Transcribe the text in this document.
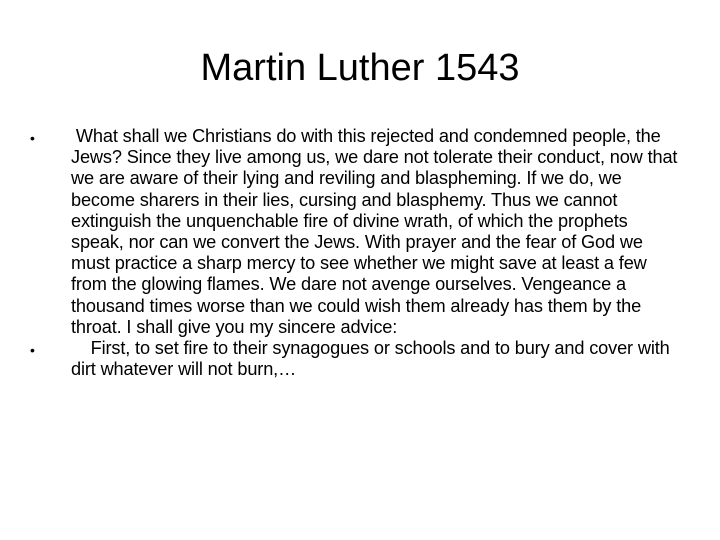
Martin Luther 1543
• What shall we Christians do with this rejected and condemned people, the Jews? Since they live among us, we dare not tolerate their conduct, now that we are aware of their lying and reviling and blaspheming. If we do, we become sharers in their lies, cursing and blasphemy. Thus we cannot extinguish the unquenchable fire of divine wrath, of which the prophets speak, nor can we convert the Jews. With prayer and the fear of God we must practice a sharp mercy to see whether we might save at least a few from the glowing flames. We dare not avenge ourselves. Vengeance a thousand times worse than we could wish them already has them by the throat. I shall give you my sincere advice:
• First, to set fire to their synagogues or schools and to bury and cover with dirt whatever will not burn,…
